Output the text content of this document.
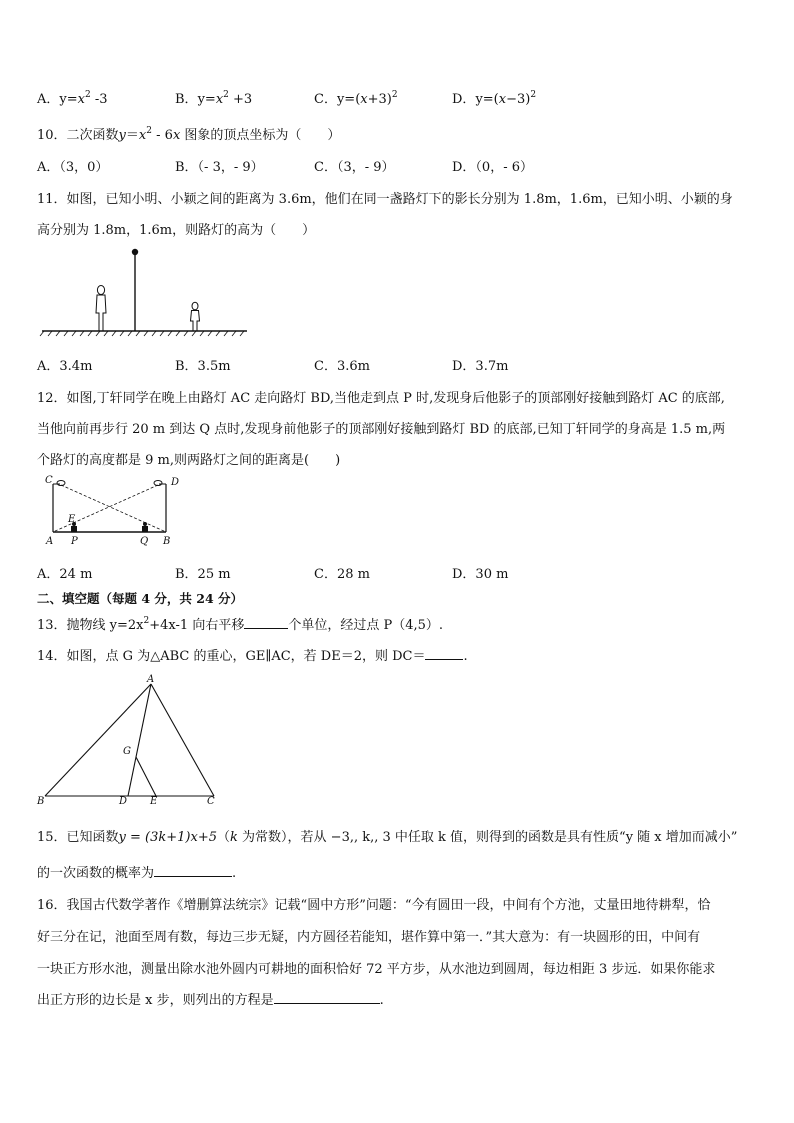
A．$y=x^2$ -3	B．$y=x^2 +3$	C．$y=(x+3)^2$	D．$y=(x-3)^2$
10．二次函数$y=x^2 - 6x$ 图象的顶点坐标为（　　）
A．（3，0）	B．（- 3，- 9）	C．（3，- 9）	D．（0，- 6）
11．如图，已知小明、小颖之间的距离为 3.6m，他们在同一盏路灯下的影长分别为 1.8m，1.6m，已知小明、小颖的身
高分别为 1.8m，1.6m，则路灯的高为（　　）
A．3.4m	B．3.5m	C．3.6m	D．3.7m
12．如图,丁轩同学在晚上由路灯 AC 走向路灯 BD,当他走到点 P 时,发现身后他影子的顶部刚好接触到路灯 AC 的底部,
当他向前再步行 20 m 到达 Q 点时,发现身前他影子的顶部刚好接触到路灯 BD 的底部,已知丁轩同学的身高是 1.5 m,两
个路灯的高度都是 9 m,则两路灯之间的距离是(　　)
C	D
E
A P	Q B
A．24 m	B．25 m	C．28 m	D．30 m
二、填空题（每题 4 分，共 24 分）
13．抛物线 $y=2x^2+4x-1$ 向右平移	个单位，经过点 P（4,5）.
14．如图，点 G 为△ABC 的重心，GE∥AC，若 DE＝2，则 DC＝	.
A
G
B	D E	C
15．已知函数y = (3k+1)x+5（k 为常数），若从 −3,, k,, 3 中任取 k 值，则得到的函数是具有性质“y 随 x 增加而减小”
的一次函数的概率为	.
16．我国古代数学著作《增删算法统宗》记载“圆中方形”问题：“今有圆田一段，中间有个方池，丈量田地待耕犁，恰
好三分在记，池面至周有数，每边三步无疑，内方圆径若能知，堪作算中第一．”其大意为：有一块圆形的田，中间有
一块正方形水池，测量出除水池外圆内可耕地的面积恰好 72 平方步，从水池边到圆周，每边相距 3 步远．如果你能求
出正方形的边长是 x 步，则列出的方程是	.
